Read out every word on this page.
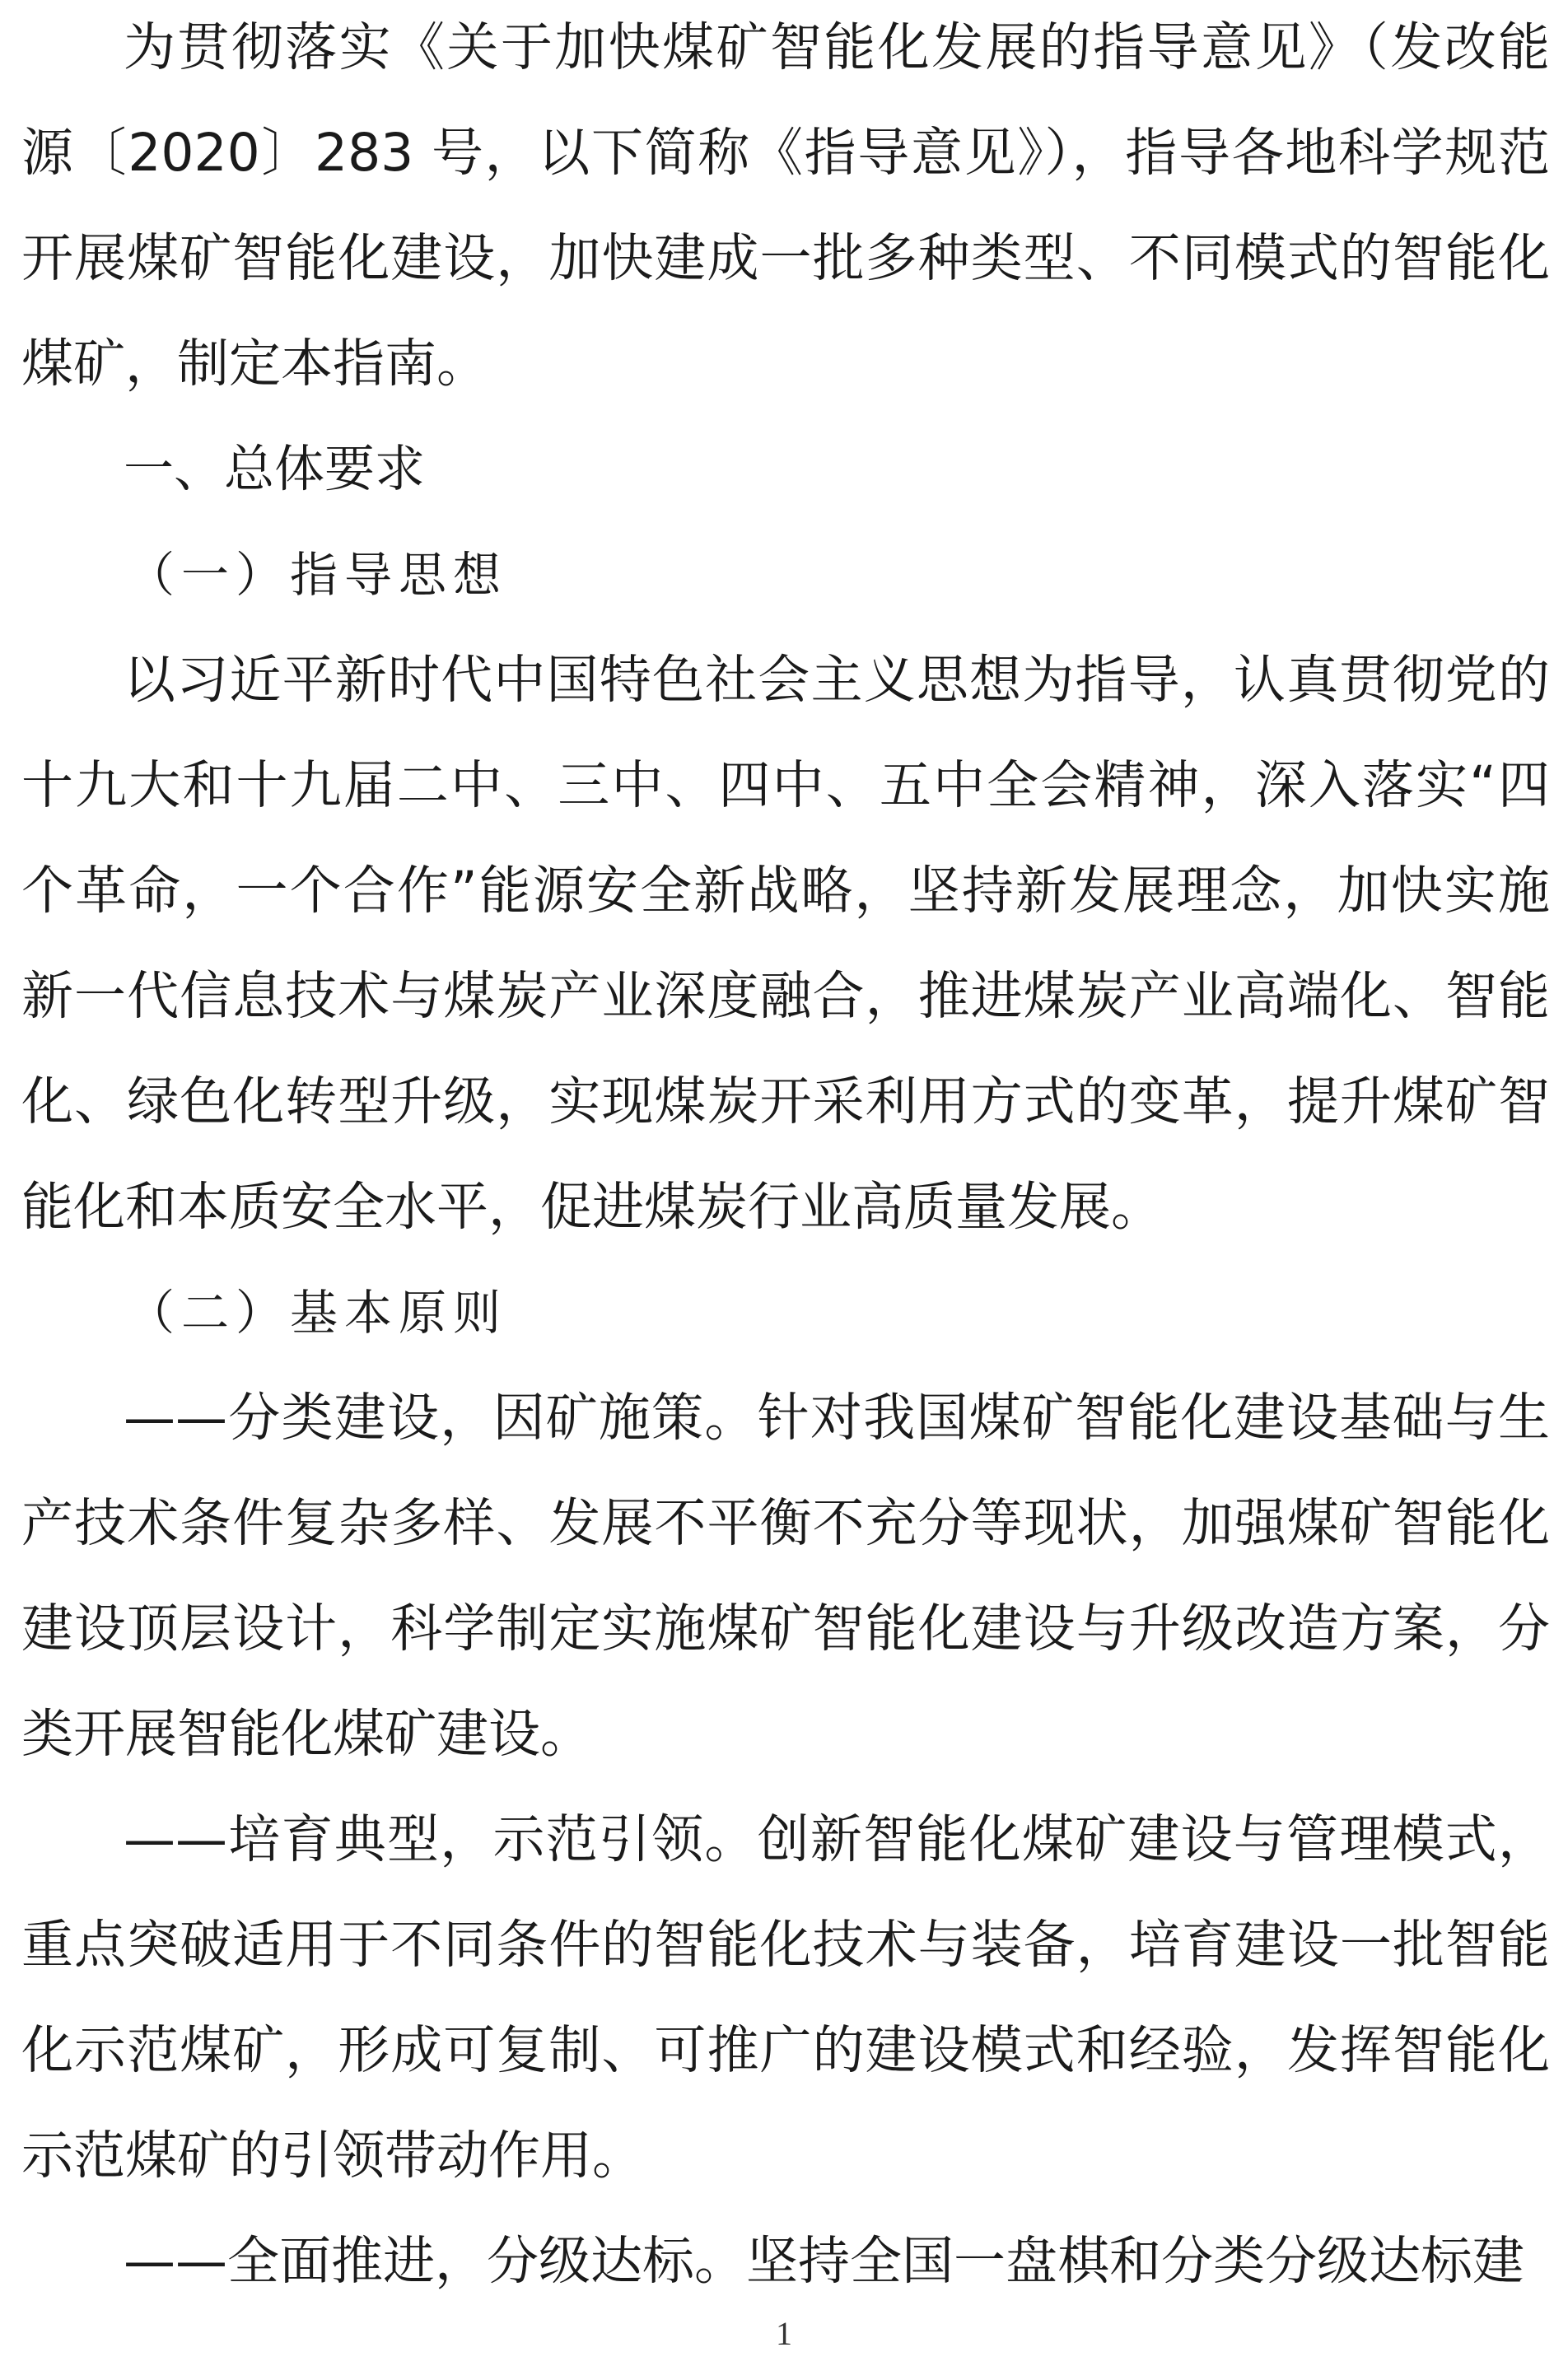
为贯彻落实《关于加快煤矿智能化发展的指导意见》（发改能源〔2020〕283 号，以下简称《指导意见》），指导各地科学规范开展煤矿智能化建设，加快建成一批多种类型、不同模式的智能化煤矿，制定本指南。

一、总体要求

（一）指导思想

以习近平新时代中国特色社会主义思想为指导，认真贯彻党的十九大和十九届二中、三中、四中、五中全会精神，深入落实“四个革命，一个合作”能源安全新战略，坚持新发展理念，加快实施新一代信息技术与煤炭产业深度融合，推进煤炭产业高端化、智能化、绿色化转型升级，实现煤炭开采利用方式的变革，提升煤矿智能化和本质安全水平，促进煤炭行业高质量发展。

（二）基本原则

——分类建设，因矿施策。针对我国煤矿智能化建设基础与生产技术条件复杂多样、发展不平衡不充分等现状，加强煤矿智能化建设顶层设计，科学制定实施煤矿智能化建设与升级改造方案，分类开展智能化煤矿建设。

——培育典型，示范引领。创新智能化煤矿建设与管理模式，重点突破适用于不同条件的智能化技术与装备，培育建设一批智能化示范煤矿，形成可复制、可推广的建设模式和经验，发挥智能化示范煤矿的引领带动作用。

——全面推进，分级达标。坚持全国一盘棋和分类分级达标建

1
